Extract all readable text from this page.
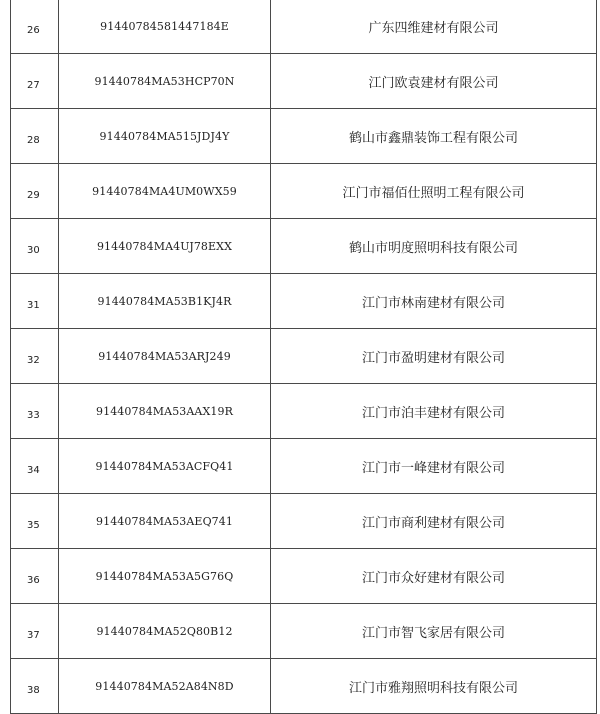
26	91440784581447184E	广东四维建材有限公司
27	91440784MA53HCP70N	江门欧袁建材有限公司
28	91440784MA515JDJ4Y	鹤山市鑫鼎装饰工程有限公司
29	91440784MA4UM0WX59	江门市福佰仕照明工程有限公司
30	91440784MA4UJ78EXX	鹤山市明度照明科技有限公司
31	91440784MA53B1KJ4R	江门市林南建材有限公司
32	91440784MA53ARJ249	江门市盈明建材有限公司
33	91440784MA53AAX19R	江门市泊丰建材有限公司
34	91440784MA53ACFQ41	江门市一峰建材有限公司
35	91440784MA53AEQ741	江门市商利建材有限公司
36	91440784MA53A5G76Q	江门市众好建材有限公司
37	91440784MA52Q80B12	江门市智飞家居有限公司
38	91440784MA52A84N8D	江门市雅翔照明科技有限公司
